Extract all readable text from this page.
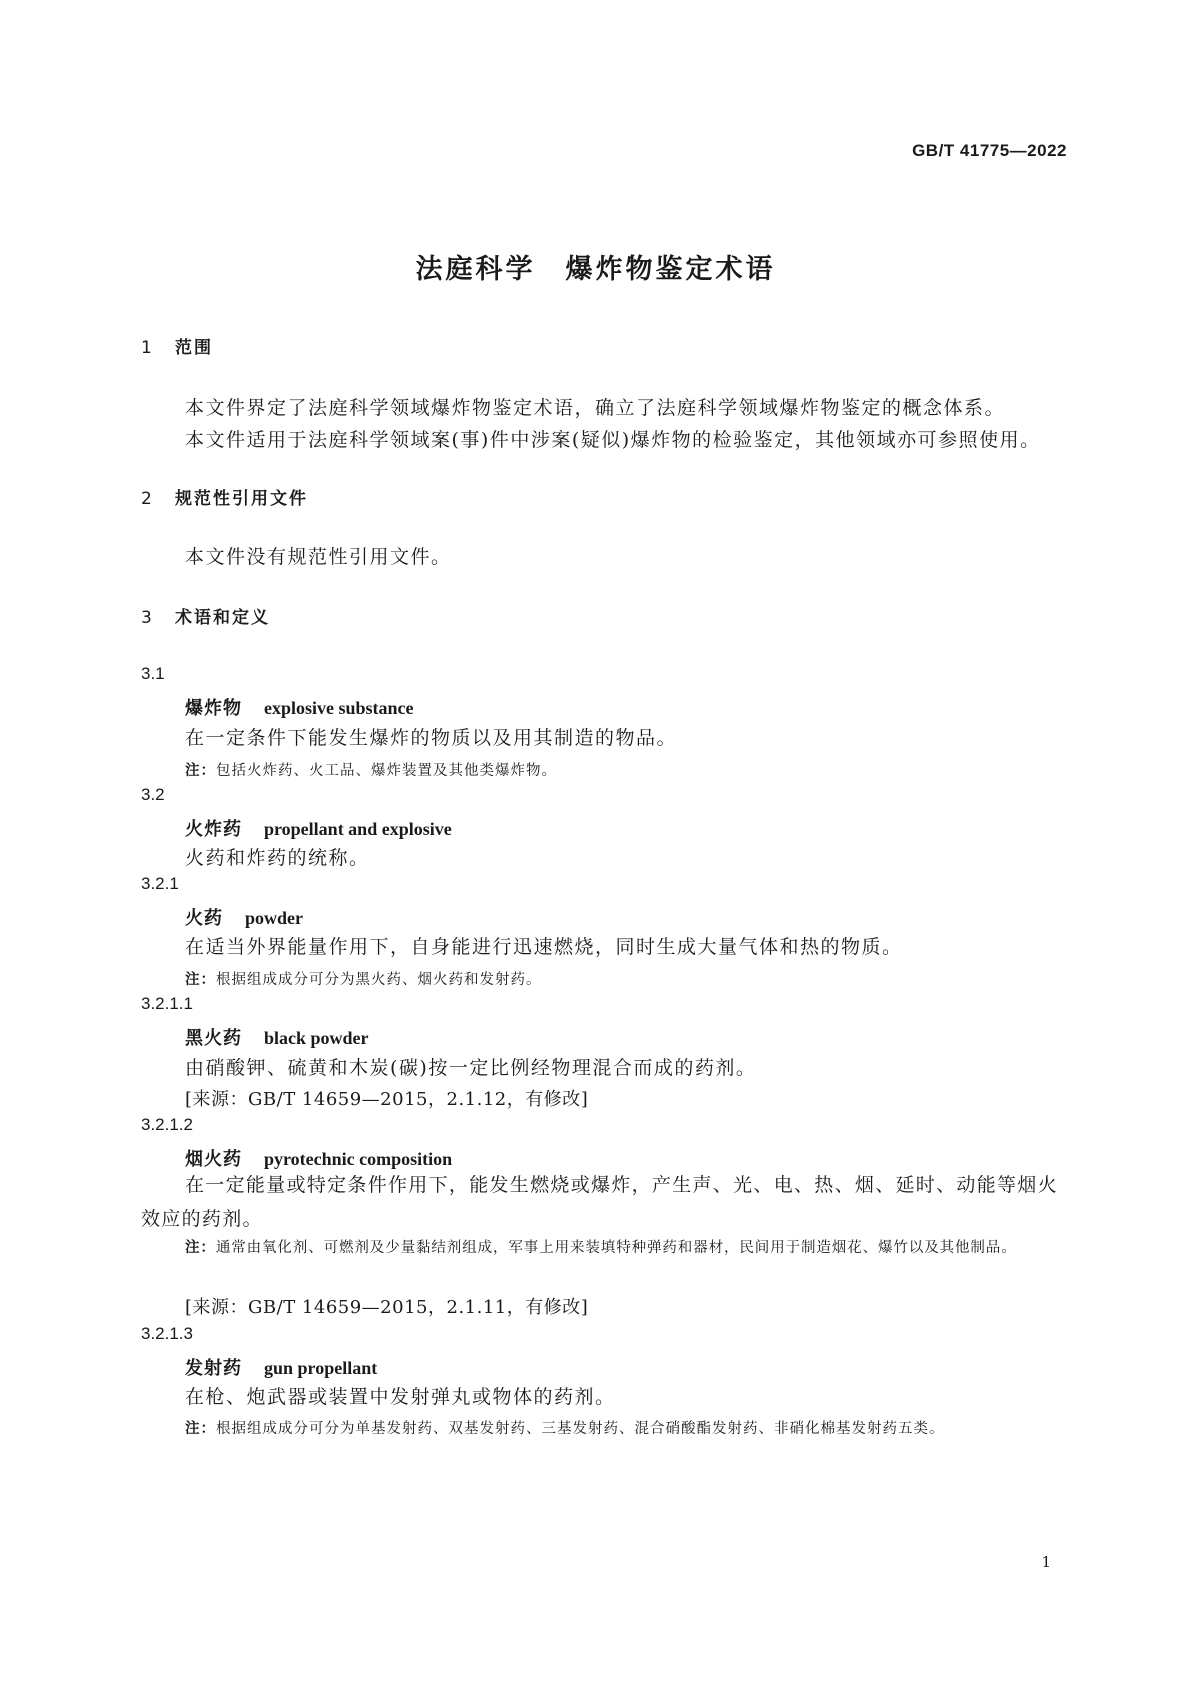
GB/T 41775—2022
法庭科学　爆炸物鉴定术语
1 范围
本文件界定了法庭科学领域爆炸物鉴定术语，确立了法庭科学领域爆炸物鉴定的概念体系。
本文件适用于法庭科学领域案(事)件中涉案(疑似)爆炸物的检验鉴定，其他领域亦可参照使用。
2 规范性引用文件
本文件没有规范性引用文件。
3 术语和定义
3.1
爆炸物 explosive substance
在一定条件下能发生爆炸的物质以及用其制造的物品。
注：包括火炸药、火工品、爆炸装置及其他类爆炸物。
3.2
火炸药 propellant and explosive
火药和炸药的统称。
3.2.1
火药 powder
在适当外界能量作用下，自身能进行迅速燃烧，同时生成大量气体和热的物质。
注：根据组成成分可分为黑火药、烟火药和发射药。
3.2.1.1
黑火药 black powder
由硝酸钾、硫黄和木炭(碳)按一定比例经物理混合而成的药剂。
[来源：GB/T 14659—2015，2.1.12，有修改]
3.2.1.2
烟火药 pyrotechnic composition
在一定能量或特定条件作用下，能发生燃烧或爆炸，产生声、光、电、热、烟、延时、动能等烟火效应的药剂。
注：通常由氧化剂、可燃剂及少量黏结剂组成，军事上用来装填特种弹药和器材，民间用于制造烟花、爆竹以及其他制品。
[来源：GB/T 14659—2015，2.1.11，有修改]
3.2.1.3
发射药 gun propellant
在枪、炮武器或装置中发射弹丸或物体的药剂。
注：根据组成成分可分为单基发射药、双基发射药、三基发射药、混合硝酸酯发射药、非硝化棉基发射药五类。
1
